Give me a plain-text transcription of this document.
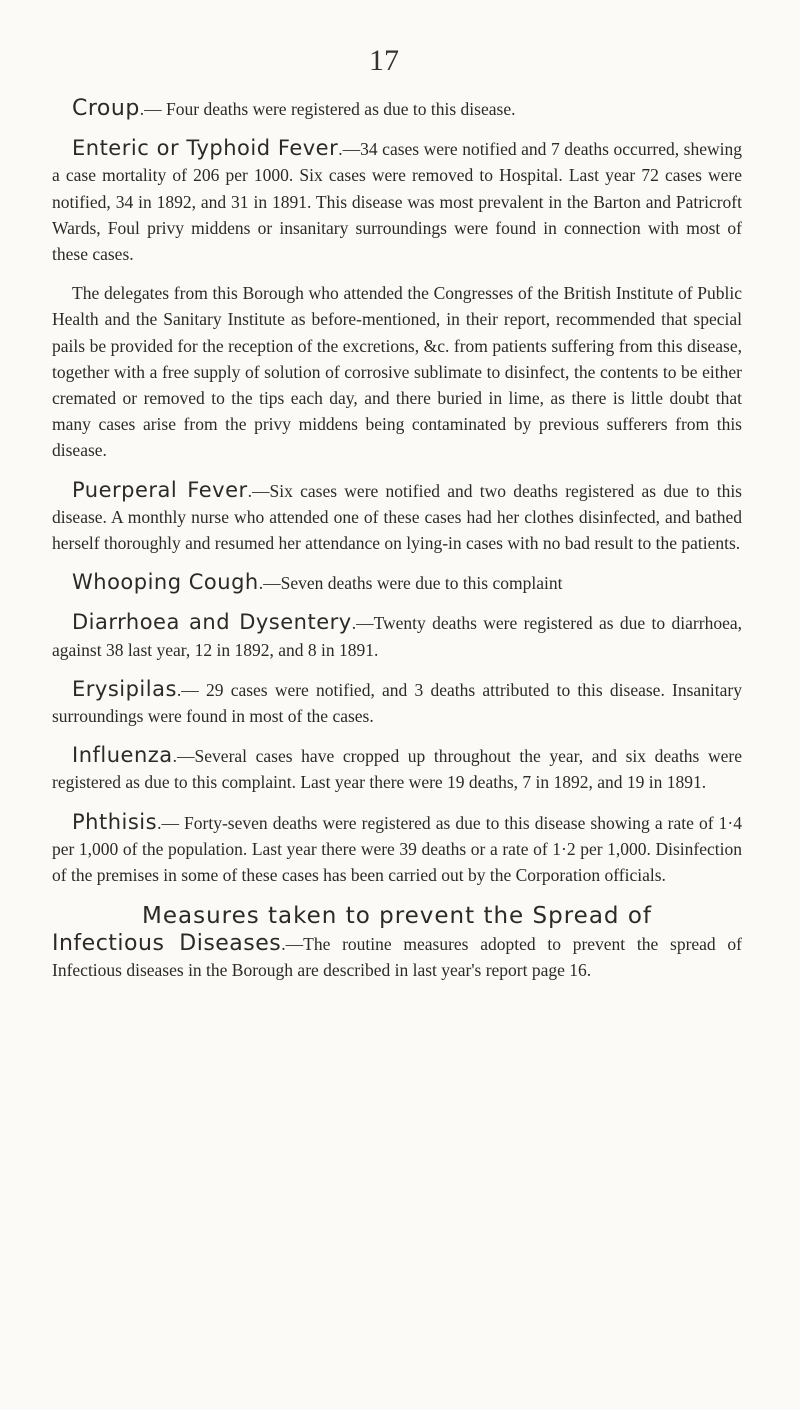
17

Croup.— Four deaths were registered as due to this disease.

Enteric or Typhoid Fever.—34 cases were notified and 7 deaths occurred, shewing a case mortality of 206 per 1000. Six cases were removed to Hospital. Last year 72 cases were notified, 34 in 1892, and 31 in 1891. This disease was most prevalent in the Barton and Patricroft Wards, Foul privy middens or insanitary surroundings were found in connection with most of these cases.

The delegates from this Borough who attended the Congresses of the British Institute of Public Health and the Sanitary Institute as before-mentioned, in their report, recommended that special pails be provided for the reception of the excretions, &c. from patients suffering from this disease, together with a free supply of solution of corrosive sublimate to disinfect, the contents to be either cremated or removed to the tips each day, and there buried in lime, as there is little doubt that many cases arise from the privy middens being contaminated by previous sufferers from this disease.

Puerperal Fever.—Six cases were notified and two deaths registered as due to this disease. A monthly nurse who attended one of these cases had her clothes disinfected, and bathed herself thoroughly and resumed her attendance on lying-in cases with no bad result to the patients.

Whooping Cough.—Seven deaths were due to this complaint

Diarrhoea and Dysentery.—Twenty deaths were registered as due to diarrhoea, against 38 last year, 12 in 1892, and 8 in 1891.

Erysipilas.— 29 cases were notified, and 3 deaths attributed to this disease. Insanitary surroundings were found in most of the cases.

Influenza.—Several cases have cropped up throughout the year, and six deaths were registered as due to this complaint. Last year there were 19 deaths, 7 in 1892, and 19 in 1891.

Phthisis.— Forty-seven deaths were registered as due to this disease showing a rate of 1·4 per 1,000 of the population. Last year there were 39 deaths or a rate of 1·2 per 1,000. Disinfection of the premises in some of these cases has been carried out by the Corporation officials.

Measures taken to prevent the Spread of

Infectious Diseases.—The routine measures adopted to prevent the spread of Infectious diseases in the Borough are described in last year's report page 16.
